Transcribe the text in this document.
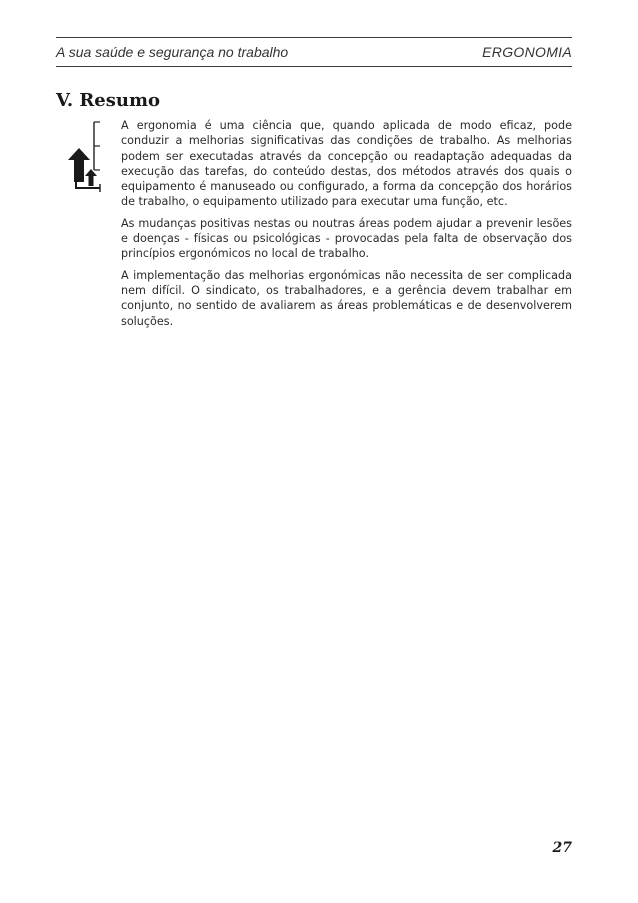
A sua saúde e segurança no trabalho	ERGONOMIA
V. Resumo

A ergonomia é uma ciência que, quando aplicada de modo eficaz, pode conduzir a melhorias significativas das condições de trabalho. As melhorias podem ser executadas através da concepção ou readaptação adequadas da execução das tarefas, do conteúdo destas, dos métodos através dos quais o equipamento é manuseado ou configurado, a forma da concepção dos horários de trabalho, o equipamento utilizado para executar uma função, etc.

As mudanças positivas nestas ou noutras áreas podem ajudar a prevenir lesões e doenças - físicas ou psicológicas - provocadas pela falta de observação dos princípios ergonómicos no local de trabalho.

A implementação das melhorias ergonómicas não necessita de ser complicada nem difícil. O sindicato, os trabalhadores, e a gerência devem trabalhar em conjunto, no sentido de avaliarem as áreas problemáticas e de desenvolverem soluções.

27
